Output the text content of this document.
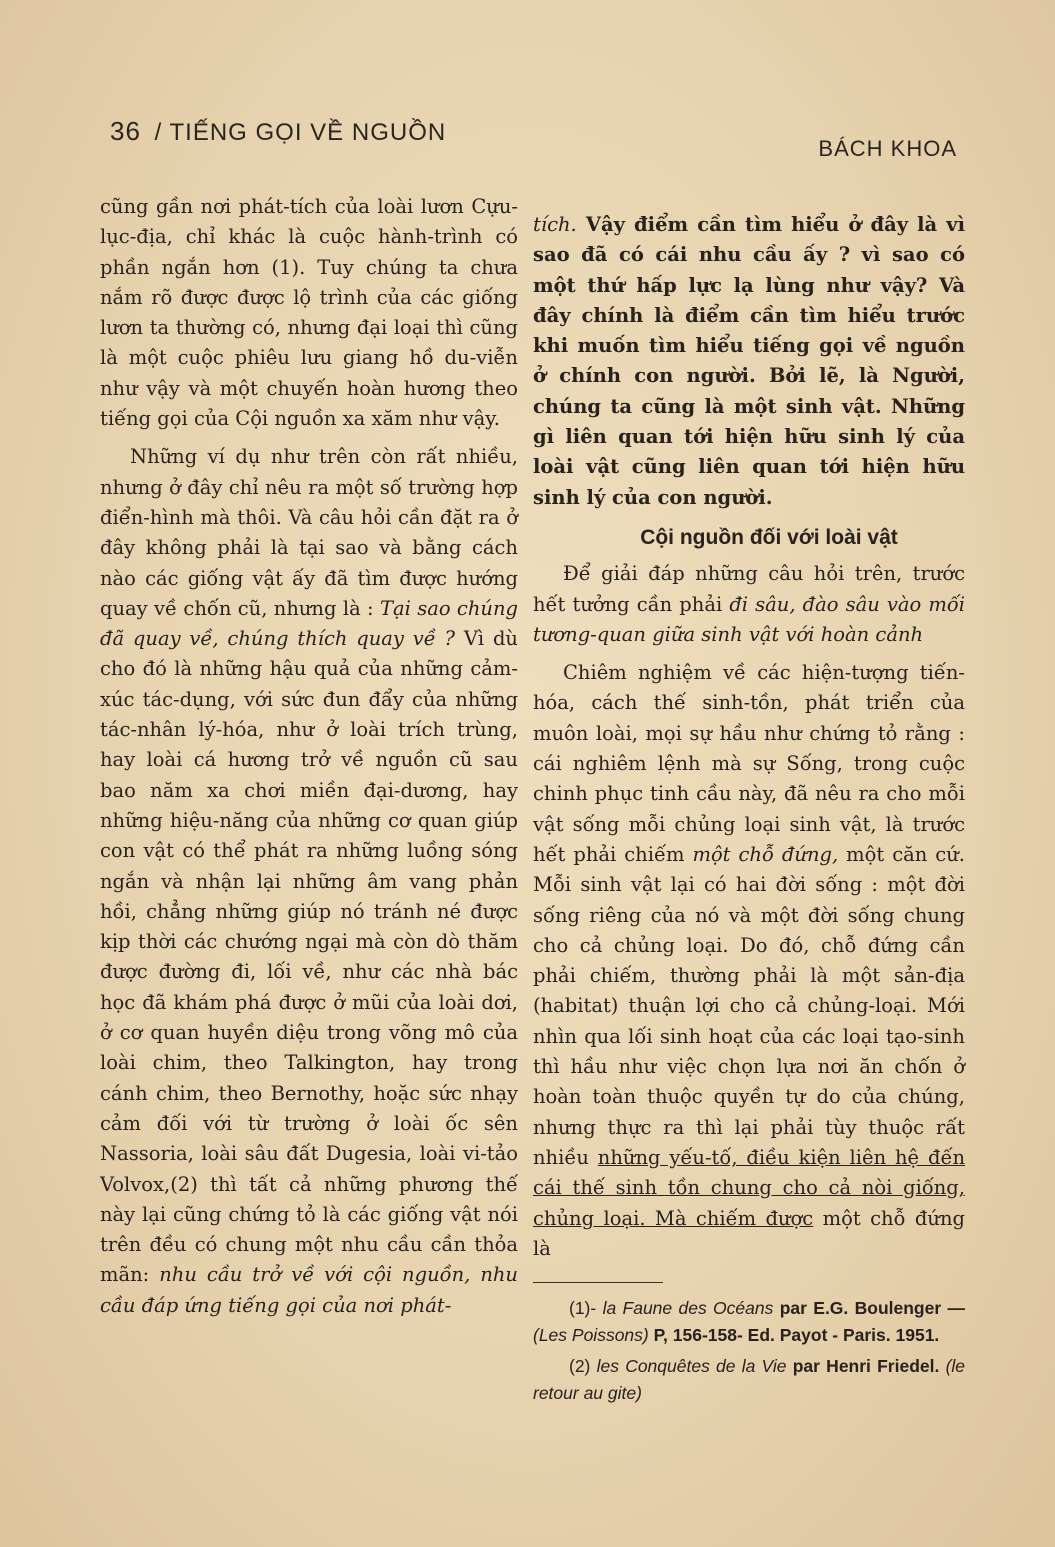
36 / TIẾNG GỌI VỀ NGUỒN
BÁCH KHOA

cũng gần nơi phát-tích của loài lươn Cựu-lục-địa, chỉ khác là cuộc hành-trình có phần ngắn hơn (1). Tuy chúng ta chưa nắm rõ được được lộ trình của các giống lươn ta thường có, nhưng đại loại thì cũng là một cuộc phiêu lưu giang hồ du-viễn như vậy và một chuyến hoàn hương theo tiếng gọi của Cội nguồn xa xăm như vậy.

Những ví dụ như trên còn rất nhiều, nhưng ở đây chỉ nêu ra một số trường hợp điển-hình mà thôi. Và câu hỏi cần đặt ra ở đây không phải là tại sao và bằng cách nào các giống vật ấy đã tìm được hướng quay về chốn cũ, nhưng là : Tại sao chúng đã quay về, chúng thích quay về ? Vì dù cho đó là những hậu quả của những cảm-xúc tác-dụng, với sức đun đẩy của những tác-nhân lý-hóa, như ở loài trích trùng, hay loài cá hương trở về nguồn cũ sau bao năm xa chơi miền đại-dương, hay những hiệu-năng của những cơ quan giúp con vật có thể phát ra những luồng sóng ngắn và nhận lại những âm vang phản hồi, chẳng những giúp nó tránh né được kịp thời các chướng ngại mà còn dò thăm được đường đi, lối về, như các nhà bác học đã khám phá được ở mũi của loài dơi, ở cơ quan huyền diệu trong võng mô của loài chim, theo Talkington, hay trong cánh chim, theo Bernothy, hoặc sức nhạy cảm đối với từ trường ở loài ốc sên Nassoria, loài sâu đất Dugesia, loài vi-tảo Volvox,(2) thì tất cả những phương thế này lại cũng chứng tỏ là các giống vật nói trên đều có chung một nhu cầu cần thỏa mãn: nhu cầu trở về với cội nguồn, nhu cầu đáp ứng tiếng gọi của nơi phát-

tích. Vậy điểm cần tìm hiểu ở đây là vì sao đã có cái nhu cầu ấy ? vì sao có một thứ hấp lực lạ lùng như vậy? Và đây chính là điểm cần tìm hiểu trước khi muốn tìm hiểu tiếng gọi về nguồn ở chính con người. Bởi lẽ, là Người, chúng ta cũng là một sinh vật. Những gì liên quan tới hiện hữu sinh lý của loài vật cũng liên quan tới hiện hữu sinh lý của con người.

Cội nguồn đối với loài vật

Để giải đáp những câu hỏi trên, trước hết tưởng cần phải đi sâu, đào sâu vào mối tương-quan giữa sinh vật với hoàn cảnh

Chiêm nghiệm về các hiện-tượng tiến-hóa, cách thế sinh-tồn, phát triển của muôn loài, mọi sự hầu như chứng tỏ rằng : cái nghiêm lệnh mà sự Sống, trong cuộc chinh phục tinh cầu này, đã nêu ra cho mỗi vật sống mỗi chủng loại sinh vật, là trước hết phải chiếm một chỗ đứng, một căn cứ. Mỗi sinh vật lại có hai đời sống : một đời sống riêng của nó và một đời sống chung cho cả chủng loại. Do đó, chỗ đứng cần phải chiếm, thường phải là một sản-địa (habitat) thuận lợi cho cả chủng-loại. Mới nhìn qua lối sinh hoạt của các loại tạo-sinh thì hầu như việc chọn lựa nơi ăn chốn ở hoàn toàn thuộc quyền tự do của chúng, nhưng thực ra thì lại phải tùy thuộc rất nhiều những yếu-tố, điều kiện liên hệ đến cái thế sinh tồn chung cho cả nòi giống, chủng loại. Mà chiếm được một chỗ đứng là

(1)- la Faune des Océans par E.G. Boulenger — (Les Poissons) P, 156-158- Ed. Payot - Paris. 1951.

(2) les Conquêtes de la Vie par Henri Friedel. (le retour au gite)
